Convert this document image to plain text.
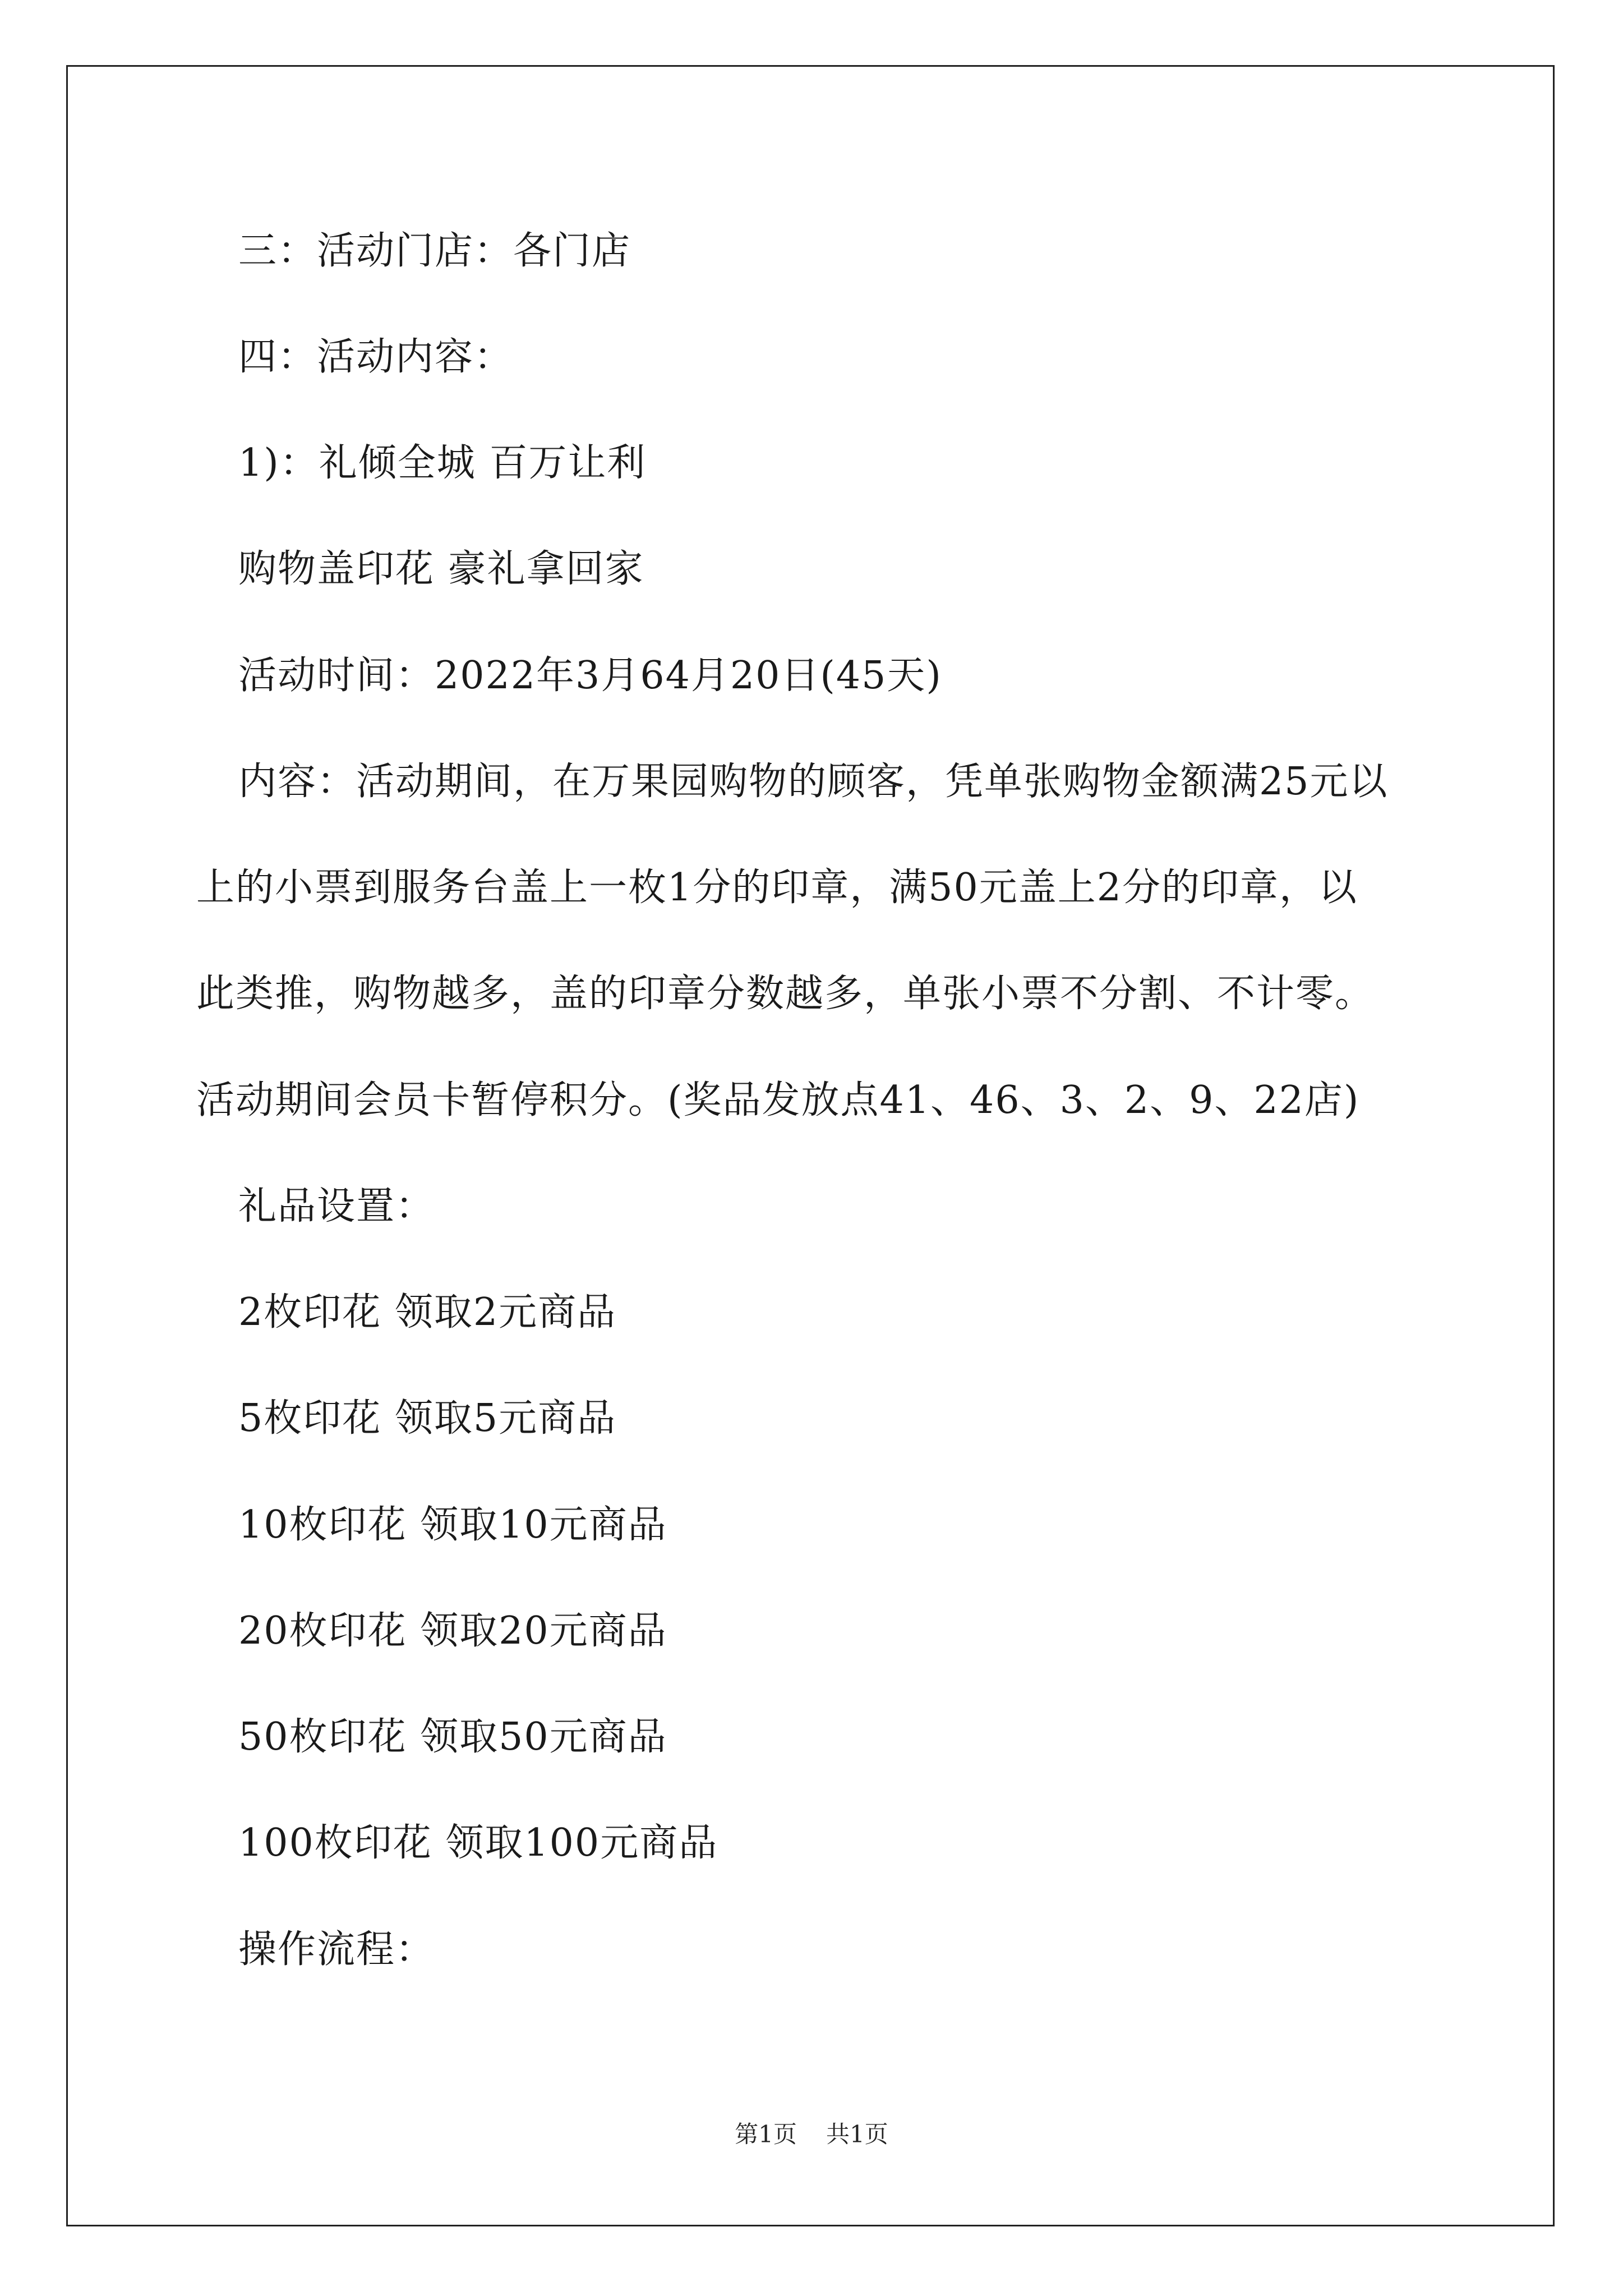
三：活动门店：各门店
四：活动内容：
1)：礼倾全城 百万让利
购物盖印花 豪礼拿回家
活动时间：2022年3月64月20日(45天)
内容：活动期间，在万果园购物的顾客，凭单张购物金额满25元以
上的小票到服务台盖上一枚1分的印章，满50元盖上2分的印章，以
此类推，购物越多，盖的印章分数越多，单张小票不分割、不计零。
活动期间会员卡暂停积分。(奖品发放点41、46、3、2、9、22店)
礼品设置：
2枚印花 领取2元商品
5枚印花 领取5元商品
10枚印花 领取10元商品
20枚印花 领取20元商品
50枚印花 领取50元商品
100枚印花 领取100元商品
操作流程：
第1页 共1页
